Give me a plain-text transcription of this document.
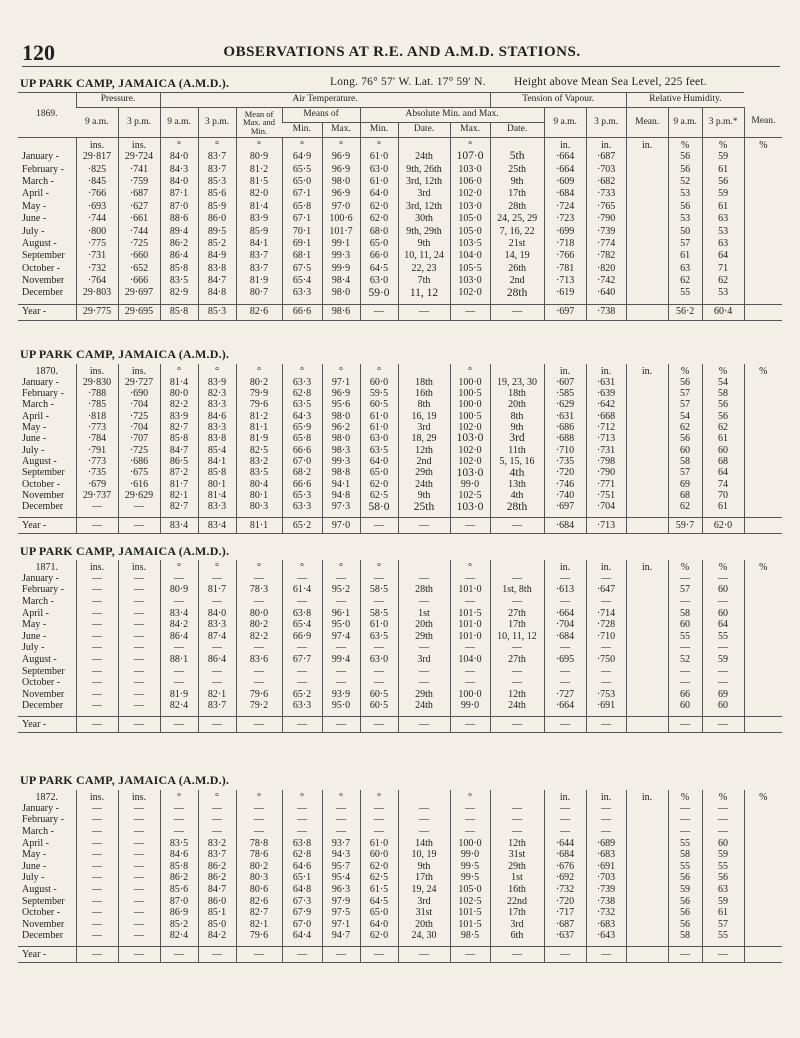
120	OBSERVATIONS AT R.E. AND A.M.D. STATIONS.
UP PARK CAMP, JAMAICA (A.M.D.).	Long. 76° 57′ W. Lat. 17° 59′ N. Height above Mean Sea Level, 225 feet.
1869.	Pressure.		Air Temperature.								Tension of Vapour.			Relative Humidity.			
	9 a.m.	3 p.m.	9 a.m.	3 p.m.	Mean of Max. and Min.	Means of		Absolute Min. and Max.				9 a.m.	3 p.m.	Mean.	9 a.m.	3 p.m.*	Mean.
						Min.	Max.	Min.	Date.	Max.	Date.						
	ins.	ins.	°	°	°	°	°	°		°		in.	in.	in.	%	%	%
January -	29·817	29·724	84·0	83·7	80·9	64·9	96·9	61·0	24th	107·0	5th	·664	·687		56	59	
February -	·825	·741	84·3	83·7	81·2	65·5	96·9	63·0	9th, 26th	103·0	25th	·664	·703		56	61	
March -	·845	·759	84·0	85·3	81·5	65·0	98·0	61·0	3rd, 12th	106·0	9th	·609	·682		52	56	
April -	·766	·687	87·1	85·6	82·0	67·1	96·9	64·0	3rd	102·0	17th	·684	·733		53	59	
May -	·693	·627	87·0	85·9	81·4	65·8	97·0	62·0	3rd, 12th	103·0	28th	·724	·765		56	61	
June -	·744	·661	88·6	86·0	83·9	67·1	100·6	62·0	30th	105·0	24, 25, 29	·723	·790		53	63	
July -	·800	·744	89·4	89·5	85·9	70·1	101·7	68·0	9th, 29th	105·0	7, 16, 22	·699	·739		50	53	
August -	·775	·725	86·2	85·2	84·1	69·1	99·1	65·0	9th	103·5	21st	·718	·774		57	63	
September	·731	·660	86·4	84·9	83·7	68·1	99·3	66·0	10, 11, 24	104·0	14, 19	·766	·782		61	64	
October -	·732	·652	85·8	83·8	83·7	67·5	99·9	64·5	22, 23	105·5	26th	·781	·820		63	71	
November	·764	·666	83·5	84·7	81·9	65·4	98·4	63·0	7th	103·0	2nd	·713	·742		62	62	
December	29·803	29·697	82·9	84·8	80·7	63·3	98·0	59·0	11, 12	102·0	28th	·619	·640		55	53	

Year -	29·775	29·695	85·8	85·3	82·6	66·6	98·6	—	—	—	—	·697	·738		56·2	60·4	
UP PARK CAMP, JAMAICA (A.M.D.).
1870.	ins.	ins.	°	°	°	°	°	°		°		in.	in.	in.	%	%	%
January -	29·830	29·727	81·4	83·9	80·2	63·3	97·1	60·0	18th	100·0	19, 23, 30	·607	·631		56	54	
February -	·788	·690	80·0	82·3	79·9	62·8	96·9	59·5	16th	100·5	18th	·585	·639		57	58	
March -	·785	·704	82·2	83·3	79·6	63·5	95·6	60·5	8th	100·0	20th	·629	·642		57	56	
April -	·818	·725	83·9	84·6	81·2	64·3	98·0	61·0	16, 19	100·5	8th	·631	·668		54	56	
May -	·773	·704	82·7	83·3	81·1	65·9	96·2	61·0	3rd	102·0	9th	·686	·712		62	62	
June -	·784	·707	85·8	83·8	81·9	65·8	98·0	63·0	18, 29	103·0	3rd	·688	·713		56	61	
July -	·791	·725	84·7	85·4	82·5	66·6	98·3	63·5	12th	102·0	11th	·710	·731		60	60	
August -	·773	·686	86·5	84·1	83·2	67·0	99·3	64·0	2nd	102·0	5, 15, 16	·735	·798		58	68	
September	·735	·675	87·2	85·8	83·5	68·2	98·8	65·0	29th	103·0	4th	·720	·790		57	64	
October -	·679	·616	81·7	80·1	80·4	66·6	94·1	62·0	24th	99·0	13th	·746	·771		69	74	
November	29·737	29·629	82·1	81·4	80·1	65·3	94·8	62·5	9th	102·5	4th	·740	·751		68	70	
December	—	—	82·7	83·3	80·3	63·3	97·3	58·0	25th	103·0	28th	·697	·704		62	61	

Year -	—	—	83·4	83·4	81·1	65·2	97·0	—	—	—	—	·684	·713		59·7	62·0	
UP PARK CAMP, JAMAICA (A.M.D.).
1871.	ins.	ins.	°	°	°	°	°	°		°		in.	in.	in.	%	%	%
January -	—	—	—	—	—	—	—	—	—	—	—	—	—		—	—	
February -	—	—	80·9	81·7	78·3	61·4	95·2	58·5	28th	101·0	1st, 8th	·613	·647		57	60	
March -	—	—	—	—	—	—	—	—	—	—	—	—	—		—	—	
April -	—	—	83·4	84·0	80·0	63·8	96·1	58·5	1st	101·5	27th	·664	·714		58	60	
May -	—	—	84·2	83·3	80·2	65·4	95·0	61·0	20th	101·0	17th	·704	·728		60	64	
June -	—	—	86·4	87·4	82·2	66·9	97·4	63·5	29th	101·0	10, 11, 12	·684	·710		55	55	
July -	—	—	—	—	—	—	—	—	—	—	—	—	—		—	—	
August -	—	—	88·1	86·4	83·6	67·7	99·4	63·0	3rd	104·0	27th	·695	·750		52	59	
September	—	—	—	—	—	—	—	—	—	—	—	—	—		—	—	
October -	—	—	—	—	—	—	—	—	—	—	—	—	—		—	—	
November	—	—	81·9	82·1	79·6	65·2	93·9	60·5	29th	100·0	12th	·727	·753		66	69	
December	—	—	82·4	83·7	79·2	63·3	95·0	60·5	24th	99·0	24th	·664	·691		60	60	

Year -	—	—	—	—	—	—	—	—	—	—	—	—	—		—	—	
UP PARK CAMP, JAMAICA (A.M.D.).
1872.	ins.	ins.	°	°	°	°	°	°		°		in.	in.	in.	%	%	%
January -	—	—	—	—	—	—	—	—	—	—	—	—	—		—	—	
February -	—	—	—	—	—	—	—	—	—	—	—	—	—		—	—	
March -	—	—	—	—	—	—	—	—	—	—	—	—	—		—	—	
April -	—	—	83·5	83·2	78·8	63·8	93·7	61·0	14th	100·0	12th	·644	·689		55	60	
May -	—	—	84·6	83·7	78·6	62·8	94·3	60·0	10, 19	99·0	31st	·684	·683		58	59	
June -	—	—	85·8	86·2	80·2	64·6	95·7	62·0	9th	99·5	29th	·676	·691		55	55	
July -	—	—	86·2	86·2	80·3	65·1	95·4	62·5	17th	99·5	1st	·692	·703		56	56	
August -	—	—	85·6	84·7	80·6	64·8	96·3	61·5	19, 24	105·0	16th	·732	·739		59	63	
September	—	—	87·0	86·0	82·6	67·3	97·9	64·5	3rd	102·5	22nd	·720	·738		56	59	
October -	—	—	86·9	85·1	82·7	67·9	97·5	65·0	31st	101·5	17th	·717	·732		56	61	
November	—	—	85·2	85·0	82·1	67·0	97·1	64·0	20th	101·5	3rd	·687	·683		56	57	
December	—	—	82·4	84·2	79·6	64·4	94·7	62·0	24, 30	98·5	6th	·637	·643		58	55	

Year -	—	—	—	—	—	—	—	—	—	—	—	—	—		—	—	
